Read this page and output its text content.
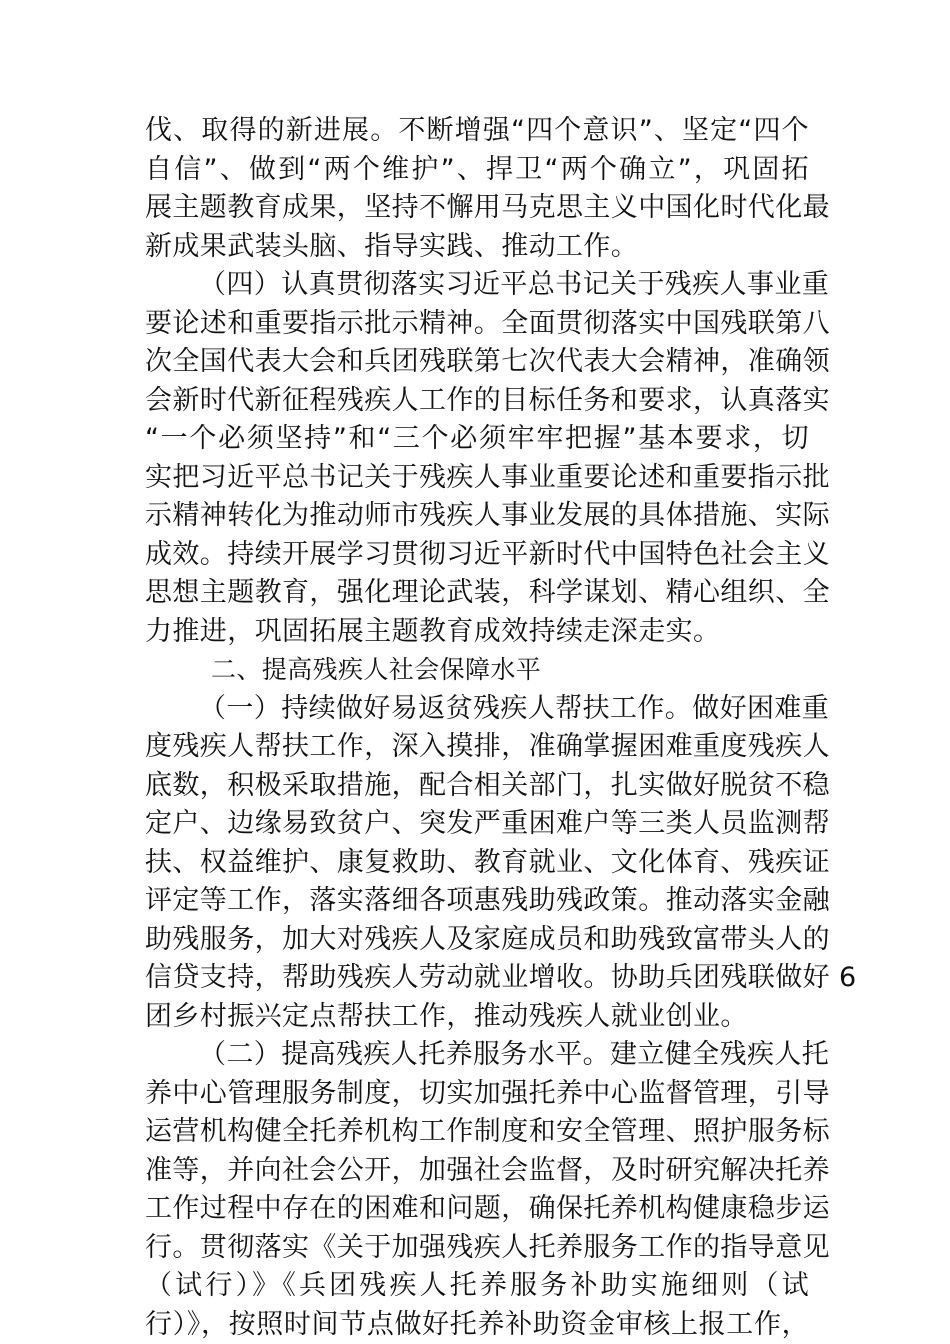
伐、取得的新进展。不断增强“四个意识”、坚定“四个
自信”、做到“两个维护”、捍卫“两个确立”，巩固拓
展主题教育成果，坚持不懈用马克思主义中国化时代化最
新成果武装头脑、指导实践、推动工作。
（四）认真贯彻落实习近平总书记关于残疾人事业重
要论述和重要指示批示精神。全面贯彻落实中国残联第八
次全国代表大会和兵团残联第七次代表大会精神，准确领
会新时代新征程残疾人工作的目标任务和要求，认真落实
“一个必须坚持”和“三个必须牢牢把握”基本要求，切
实把习近平总书记关于残疾人事业重要论述和重要指示批
示精神转化为推动师市残疾人事业发展的具体措施、实际
成效。持续开展学习贯彻习近平新时代中国特色社会主义
思想主题教育，强化理论武装，科学谋划、精心组织、全
力推进，巩固拓展主题教育成效持续走深走实。
二、提高残疾人社会保障水平
（一）持续做好易返贫残疾人帮扶工作。做好困难重
度残疾人帮扶工作，深入摸排，准确掌握困难重度残疾人
底数，积极采取措施，配合相关部门，扎实做好脱贫不稳
定户、边缘易致贫户、突发严重困难户等三类人员监测帮
扶、权益维护、康复救助、教育就业、文化体育、残疾证
评定等工作，落实落细各项惠残助残政策。推动落实金融
助残服务，加大对残疾人及家庭成员和助残致富带头人的
信贷支持，帮助残疾人劳动就业增收。协助兵团残联做好 6
团乡村振兴定点帮扶工作，推动残疾人就业创业。
（二）提高残疾人托养服务水平。建立健全残疾人托
养中心管理服务制度，切实加强托养中心监督管理，引导
运营机构健全托养机构工作制度和安全管理、照护服务标
准等，并向社会公开，加强社会监督，及时研究解决托养
工作过程中存在的困难和问题，确保托养机构健康稳步运
行。贯彻落实《关于加强残疾人托养服务工作的指导意见
（试行）》《兵团残疾人托养服务补助实施细则（试
行）》，按照时间节点做好托养补助资金审核上报工作，
